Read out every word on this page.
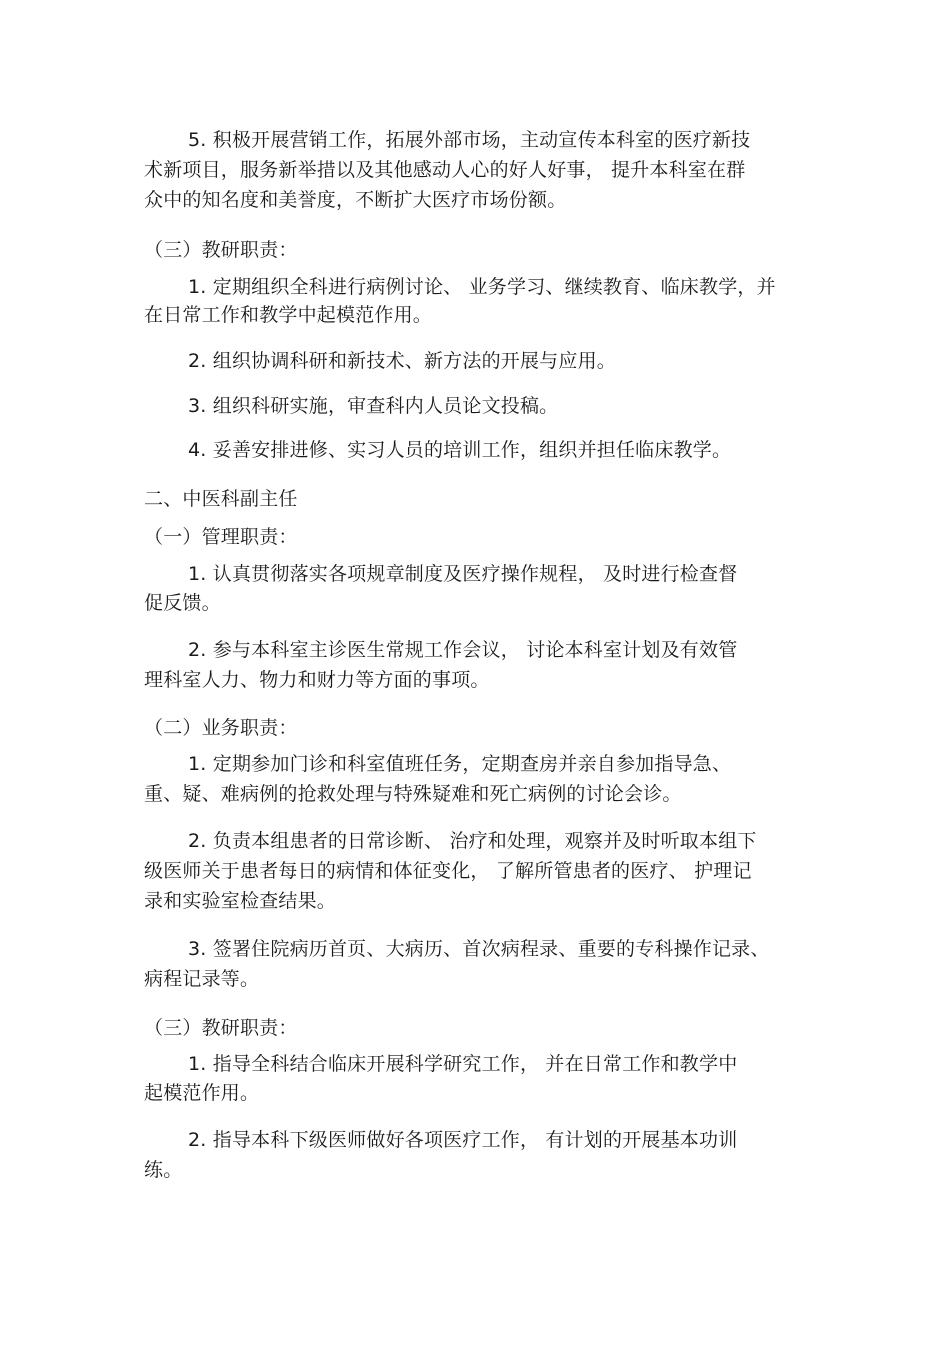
5. 积极开展营销工作，拓展外部市场，主动宣传本科室的医疗新技
术新项目，服务新举措以及其他感动人心的好人好事， 提升本科室在群
众中的知名度和美誉度，不断扩大医疗市场份额。
（三）教研职责：
1. 定期组织全科进行病例讨论、 业务学习、继续教育、临床教学，并
在日常工作和教学中起模范作用。
2. 组织协调科研和新技术、新方法的开展与应用。
3. 组织科研实施，审查科内人员论文投稿。
4. 妥善安排进修、实习人员的培训工作，组织并担任临床教学。
二、中医科副主任
（一）管理职责：
1. 认真贯彻落实各项规章制度及医疗操作规程， 及时进行检查督
促反馈。
2. 参与本科室主诊医生常规工作会议， 讨论本科室计划及有效管
理科室人力、物力和财力等方面的事项。
（二）业务职责：
1. 定期参加门诊和科室值班任务，定期查房并亲自参加指导急、
重、疑、难病例的抢救处理与特殊疑难和死亡病例的讨论会诊。
2. 负责本组患者的日常诊断、 治疗和处理，观察并及时听取本组下
级医师关于患者每日的病情和体征变化， 了解所管患者的医疗、 护理记
录和实验室检查结果。
3. 签署住院病历首页、大病历、首次病程录、重要的专科操作记录、
病程记录等。
（三）教研职责：
1. 指导全科结合临床开展科学研究工作， 并在日常工作和教学中
起模范作用。
2. 指导本科下级医师做好各项医疗工作， 有计划的开展基本功训
练。
